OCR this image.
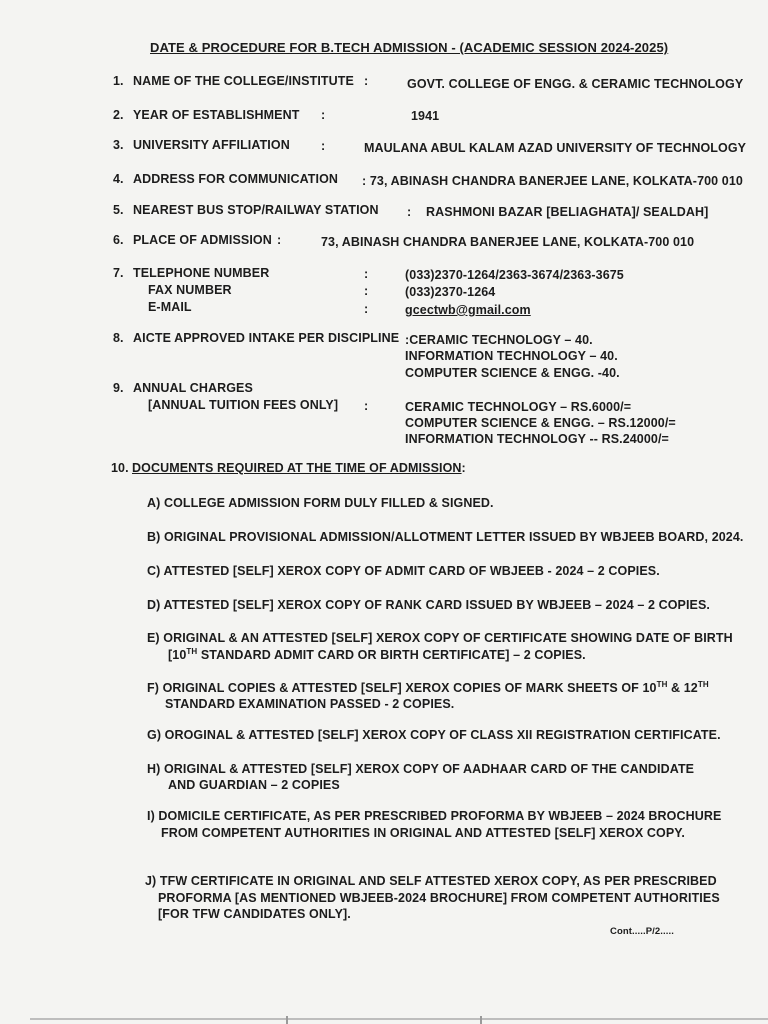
DATE & PROCEDURE FOR B.TECH ADMISSION - (ACADEMIC SESSION 2024-2025)
1. NAME OF THE COLLEGE/INSTITUTE :	GOVT. COLLEGE OF ENGG. & CERAMIC TECHNOLOGY
2. YEAR OF ESTABLISHMENT :	1941
3. UNIVERSITY AFFILIATION :	MAULANA ABUL KALAM AZAD UNIVERSITY OF TECHNOLOGY
4. ADDRESS FOR COMMUNICATION : 73, ABINASH CHANDRA BANERJEE LANE, KOLKATA-700 010
5. NEAREST BUS STOP/RAILWAY STATION : RASHMONI BAZAR [BELIAGHATA]/ SEALDAH]
6. PLACE OF ADMISSION :	73, ABINASH CHANDRA BANERJEE LANE, KOLKATA-700 010
7. TELEPHONE NUMBER	:	(033)2370-1264/2363-3674/2363-3675
FAX NUMBER	:	(033)2370-1264
E-MAIL	:	gcectwb@gmail.com
8. AICTE APPROVED INTAKE PER DISCIPLINE :CERAMIC TECHNOLOGY – 40.
INFORMATION TECHNOLOGY – 40.
COMPUTER SCIENCE & ENGG. -40.
9. ANNUAL CHARGES
[ANNUAL TUITION FEES ONLY] :	CERAMIC TECHNOLOGY – RS.6000/=
COMPUTER SCIENCE & ENGG. – RS.12000/=
INFORMATION TECHNOLOGY -- RS.24000/=
10. DOCUMENTS REQUIRED AT THE TIME OF ADMISSION:
A) COLLEGE ADMISSION FORM DULY FILLED & SIGNED.
B) ORIGINAL PROVISIONAL ADMISSION/ALLOTMENT LETTER ISSUED BY WBJEEB BOARD, 2024.
C) ATTESTED [SELF] XEROX COPY OF ADMIT CARD OF WBJEEB - 2024 – 2 COPIES.
D) ATTESTED [SELF] XEROX COPY OF RANK CARD ISSUED BY WBJEEB – 2024 – 2 COPIES.
E) ORIGINAL & AN ATTESTED [SELF] XEROX COPY OF CERTIFICATE SHOWING DATE OF BIRTH
[10TH STANDARD ADMIT CARD OR BIRTH CERTIFICATE] – 2 COPIES.
F) ORIGINAL COPIES & ATTESTED [SELF] XEROX COPIES OF MARK SHEETS OF 10TH & 12TH
STANDARD EXAMINATION PASSED - 2 COPIES.
G) OROGINAL & ATTESTED [SELF] XEROX COPY OF CLASS XII REGISTRATION CERTIFICATE.
H) ORIGINAL & ATTESTED [SELF] XEROX COPY OF AADHAAR CARD OF THE CANDIDATE
AND GUARDIAN – 2 COPIES
I) DOMICILE CERTIFICATE, AS PER PRESCRIBED PROFORMA BY WBJEEB – 2024 BROCHURE
FROM COMPETENT AUTHORITIES IN ORIGINAL AND ATTESTED [SELF] XEROX COPY.
J) TFW CERTIFICATE IN ORIGINAL AND SELF ATTESTED XEROX COPY, AS PER PRESCRIBED
PROFORMA [AS MENTIONED WBJEEB-2024 BROCHURE] FROM COMPETENT AUTHORITIES
[FOR TFW CANDIDATES ONLY].
Cont.....P/2.....
